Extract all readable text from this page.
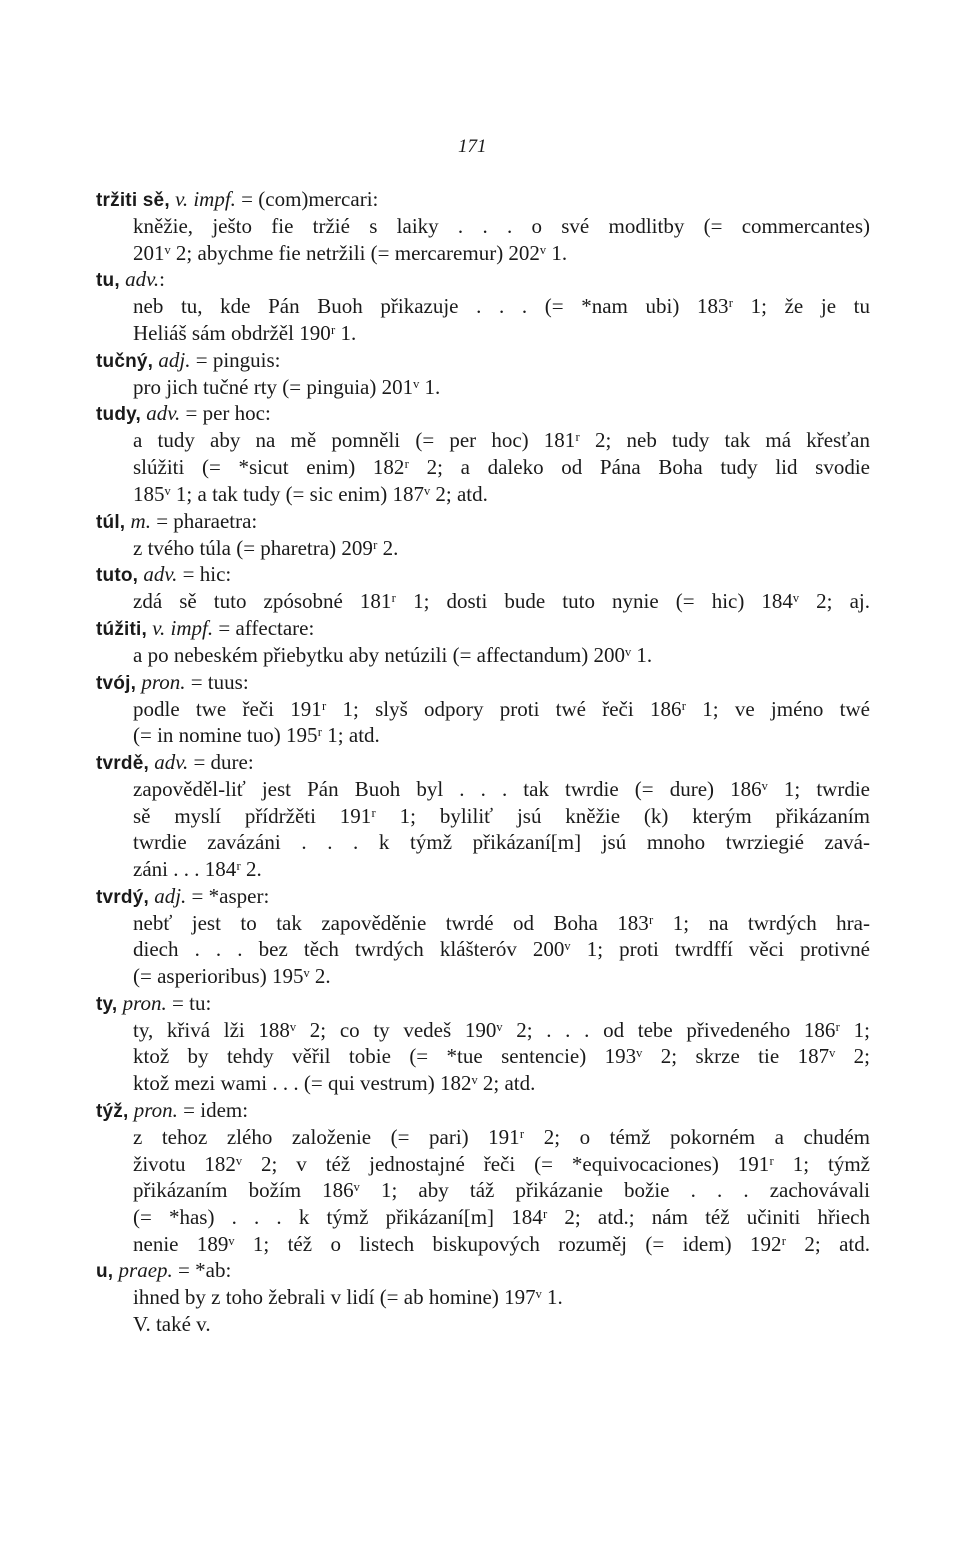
171
tržiti sě, v. impf. = (com)mercari:
kněžie, ješto fie tržié s laiky . . . o své modlitby (= commercantes)
201ᵛ 2; abychme fie netržili (= mercaremur) 202ᵛ 1.
tu, adv.:
neb tu, kde Pán Buoh přikazuje . . . (= *nam ubi) 183ʳ 1; že je tu
Heliáš sám obdržěl 190ʳ 1.
tučný, adj. = pinguis:
pro jich tučné rty (= pinguia) 201ᵛ 1.
tudy, adv. = per hoc:
a tudy aby na mě pomněli (= per hoc) 181ʳ 2; neb tudy tak má křesťan
slúžiti (= *sicut enim) 182ʳ 2; a daleko od Pána Boha tudy lid svodie
185ᵛ 1; a tak tudy (= sic enim) 187ᵛ 2; atd.
túl, m. = pharaetra:
z tvého túla (= pharetra) 209ʳ 2.
tuto, adv. = hic:
zdá sě tuto zpósobné 181ʳ 1; dosti bude tuto nynie (= hic) 184ᵛ 2; aj.
túžiti, v. impf. = affectare:
a po nebeském přiebytku aby netúzili (= affectandum) 200ᵛ 1.
tvój, pron. = tuus:
podle twe řeči 191ʳ 1; slyš odpory proti twé řeči 186ʳ 1; ve jméno twé
(= in nomine tuo) 195ʳ 1; atd.
tvrdě, adv. = dure:
zapověděl-liť jest Pán Buoh byl . . . tak twrdie (= dure) 186ᵛ 1; twrdie
sě myslí přídržěti 191ʳ 1; byliliť jsú kněžie (k) kterým přikázaním
twrdie zavázáni . . . k týmž přikázaní[m] jsú mnoho twrziegié zavá-
záni . . . 184ʳ 2.
tvrdý, adj. = *asper:
nebť jest to tak zapověděnie twrdé od Boha 183ʳ 1; na twrdých hra-
diech . . . bez těch twrdých klášteróv 200ᵛ 1; proti twrdffí věci protivné
(= asperioribus) 195ᵛ 2.
ty, pron. = tu:
ty, křivá lži 188ᵛ 2; co ty vedeš 190ᵛ 2; . . . od tebe přivedeného 186ʳ 1;
ktož by tehdy věřil tobie (= *tue sentencie) 193ᵛ 2; skrze tie 187ᵛ 2;
ktož mezi wami . . . (= qui vestrum) 182ᵛ 2; atd.
týž, pron. = idem:
z tehoz zlého založenie (= pari) 191ʳ 2; o témž pokorném a chudém
životu 182ᵛ 2; v též jednostajné řeči (= *equivocaciones) 191ʳ 1; týmž
přikázaním božím 186ᵛ 1; aby táž přikázanie božie . . . zachovávali
(= *has) . . . k týmž přikázaní[m] 184ʳ 2; atd.; nám též učiniti hřiech
nenie 189ᵛ 1; též o listech biskupových rozuměj (= idem) 192ʳ 2; atd.
u, praep. = *ab:
ihned by z toho žebrali v lidí (= ab homine) 197ᵛ 1.
V. také v.
